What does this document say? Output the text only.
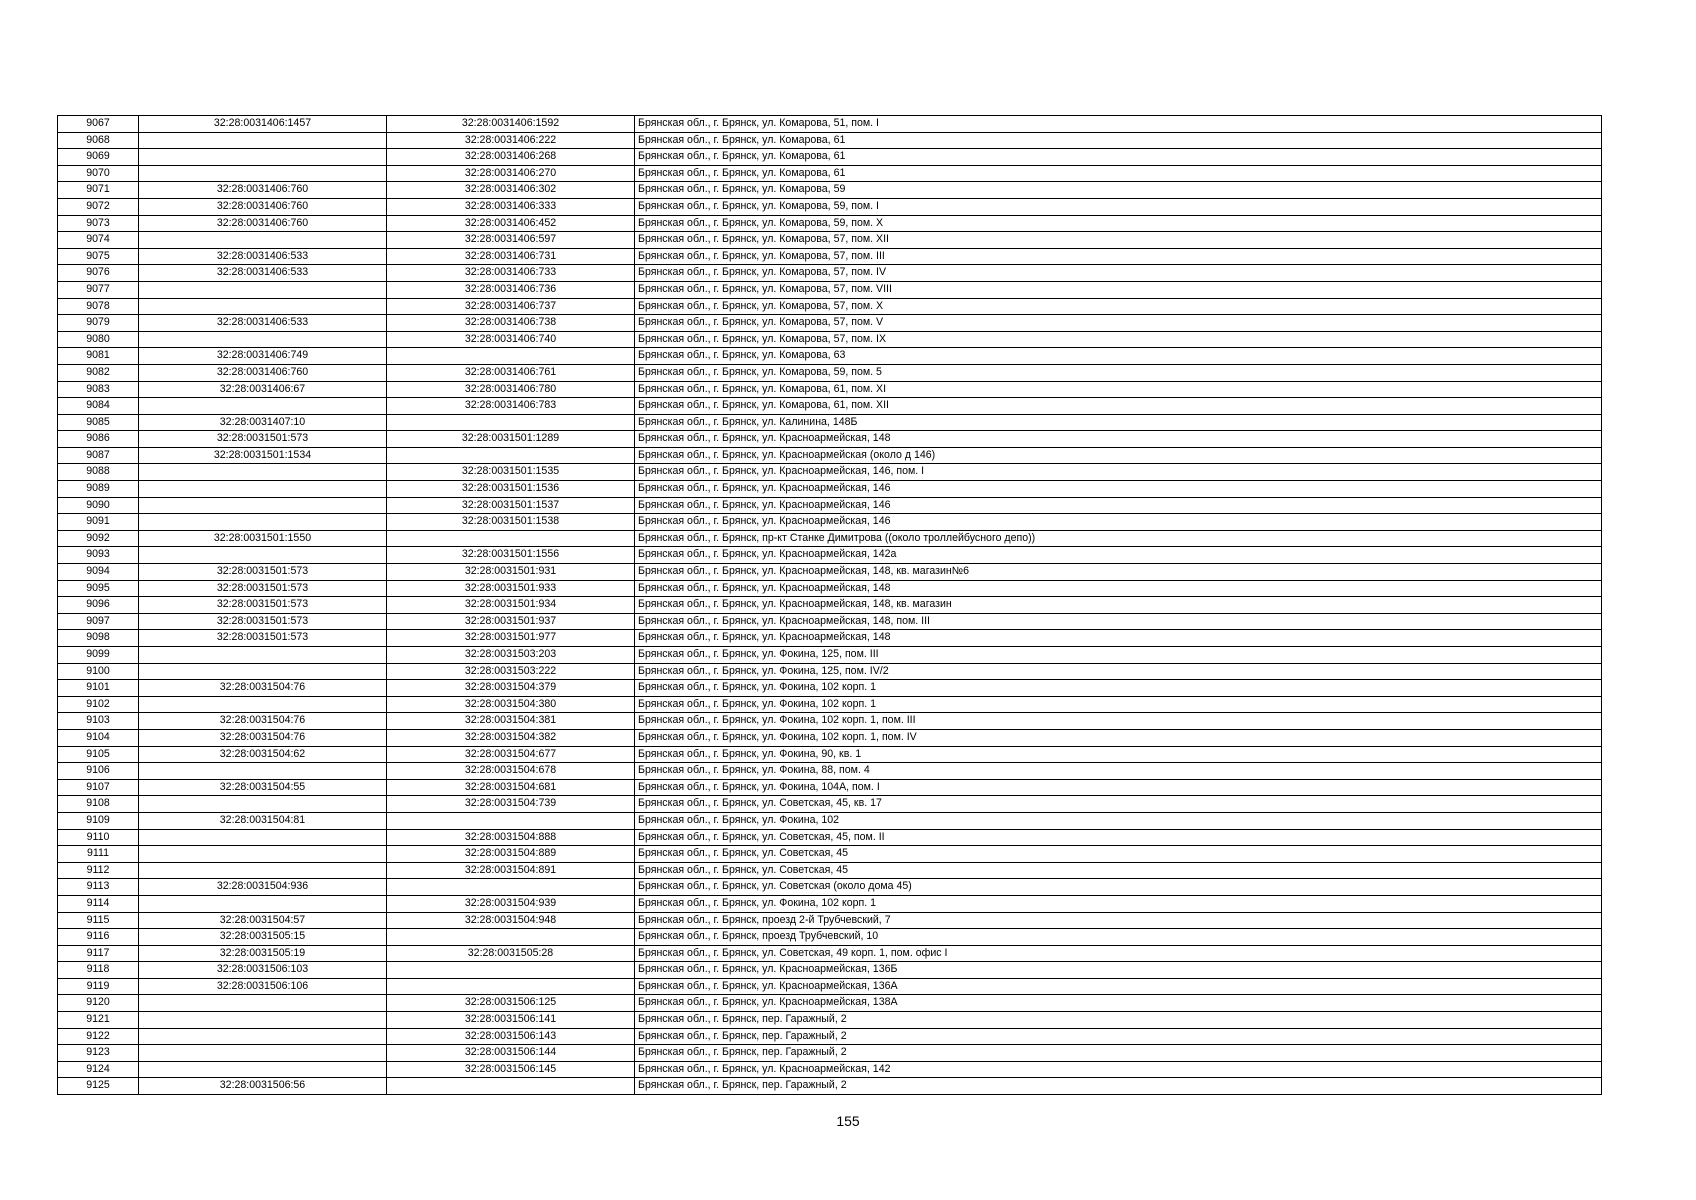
9067	32:28:0031406:1457	32:28:0031406:1592	Брянская обл., г. Брянск, ул. Комарова, 51, пом. I
9068		32:28:0031406:222	Брянская обл., г. Брянск, ул. Комарова, 61
9069		32:28:0031406:268	Брянская обл., г. Брянск, ул. Комарова, 61
9070		32:28:0031406:270	Брянская обл., г. Брянск, ул. Комарова, 61
9071	32:28:0031406:760	32:28:0031406:302	Брянская обл., г. Брянск, ул. Комарова, 59
9072	32:28:0031406:760	32:28:0031406:333	Брянская обл., г. Брянск, ул. Комарова, 59, пом. I
9073	32:28:0031406:760	32:28:0031406:452	Брянская обл., г. Брянск, ул. Комарова, 59, пом. X
9074		32:28:0031406:597	Брянская обл., г. Брянск, ул. Комарова, 57, пом. XII
9075	32:28:0031406:533	32:28:0031406:731	Брянская обл., г. Брянск, ул. Комарова, 57, пом. III
9076	32:28:0031406:533	32:28:0031406:733	Брянская обл., г. Брянск, ул. Комарова, 57, пом. IV
9077		32:28:0031406:736	Брянская обл., г. Брянск, ул. Комарова, 57, пом. VIII
9078		32:28:0031406:737	Брянская обл., г. Брянск, ул. Комарова, 57, пом. X
9079	32:28:0031406:533	32:28:0031406:738	Брянская обл., г. Брянск, ул. Комарова, 57, пом. V
9080		32:28:0031406:740	Брянская обл., г. Брянск, ул. Комарова, 57, пом. IX
9081	32:28:0031406:749		Брянская обл., г. Брянск, ул. Комарова, 63
9082	32:28:0031406:760	32:28:0031406:761	Брянская обл., г. Брянск, ул. Комарова, 59, пом. 5
9083	32:28:0031406:67	32:28:0031406:780	Брянская обл., г. Брянск, ул. Комарова, 61, пом. XI
9084		32:28:0031406:783	Брянская обл., г. Брянск, ул. Комарова, 61, пом. XII
9085	32:28:0031407:10		Брянская обл., г. Брянск, ул. Калинина, 148Б
9086	32:28:0031501:573	32:28:0031501:1289	Брянская обл., г. Брянск, ул. Красноармейская, 148
9087	32:28:0031501:1534		Брянская обл., г. Брянск, ул. Красноармейская (около д 146)
9088		32:28:0031501:1535	Брянская обл., г. Брянск, ул. Красноармейская, 146, пом. I
9089		32:28:0031501:1536	Брянская обл., г. Брянск, ул. Красноармейская, 146
9090		32:28:0031501:1537	Брянская обл., г. Брянск, ул. Красноармейская, 146
9091		32:28:0031501:1538	Брянская обл., г. Брянск, ул. Красноармейская, 146
9092	32:28:0031501:1550		Брянская обл., г. Брянск, пр-кт Станке Димитрова ((около троллейбусного депо))
9093		32:28:0031501:1556	Брянская обл., г. Брянск, ул. Красноармейская, 142а
9094	32:28:0031501:573	32:28:0031501:931	Брянская обл., г. Брянск, ул. Красноармейская, 148, кв. магазин№6
9095	32:28:0031501:573	32:28:0031501:933	Брянская обл., г. Брянск, ул. Красноармейская, 148
9096	32:28:0031501:573	32:28:0031501:934	Брянская обл., г. Брянск, ул. Красноармейская, 148, кв. магазин
9097	32:28:0031501:573	32:28:0031501:937	Брянская обл., г. Брянск, ул. Красноармейская, 148, пом. III
9098	32:28:0031501:573	32:28:0031501:977	Брянская обл., г. Брянск, ул. Красноармейская, 148
9099		32:28:0031503:203	Брянская обл., г. Брянск, ул. Фокина, 125, пом. III
9100		32:28:0031503:222	Брянская обл., г. Брянск, ул. Фокина, 125, пом. IV/2
9101	32:28:0031504:76	32:28:0031504:379	Брянская обл., г. Брянск, ул. Фокина, 102 корп. 1
9102		32:28:0031504:380	Брянская обл., г. Брянск, ул. Фокина, 102 корп. 1
9103	32:28:0031504:76	32:28:0031504:381	Брянская обл., г. Брянск, ул. Фокина, 102 корп. 1, пом. III
9104	32:28:0031504:76	32:28:0031504:382	Брянская обл., г. Брянск, ул. Фокина, 102 корп. 1, пом. IV
9105	32:28:0031504:62	32:28:0031504:677	Брянская обл., г. Брянск, ул. Фокина, 90, кв. 1
9106		32:28:0031504:678	Брянская обл., г. Брянск, ул. Фокина, 88, пом. 4
9107	32:28:0031504:55	32:28:0031504:681	Брянская обл., г. Брянск, ул. Фокина, 104А, пом. I
9108		32:28:0031504:739	Брянская обл., г. Брянск, ул. Советская, 45, кв. 17
9109	32:28:0031504:81		Брянская обл., г. Брянск, ул. Фокина, 102
9110		32:28:0031504:888	Брянская обл., г. Брянск, ул. Советская, 45, пом. II
9111		32:28:0031504:889	Брянская обл., г. Брянск, ул. Советская, 45
9112		32:28:0031504:891	Брянская обл., г. Брянск, ул. Советская, 45
9113	32:28:0031504:936		Брянская обл., г. Брянск, ул. Советская (около дома 45)
9114		32:28:0031504:939	Брянская обл., г. Брянск, ул. Фокина, 102 корп. 1
9115	32:28:0031504:57	32:28:0031504:948	Брянская обл., г. Брянск, проезд 2-й Трубчевский, 7
9116	32:28:0031505:15		Брянская обл., г. Брянск, проезд Трубчевский, 10
9117	32:28:0031505:19	32:28:0031505:28	Брянская обл., г. Брянск, ул. Советская, 49 корп. 1, пом. офис I
9118	32:28:0031506:103		Брянская обл., г. Брянск, ул. Красноармейская, 136Б
9119	32:28:0031506:106		Брянская обл., г. Брянск, ул. Красноармейская, 136А
9120		32:28:0031506:125	Брянская обл., г. Брянск, ул. Красноармейская, 138А
9121		32:28:0031506:141	Брянская обл., г. Брянск, пер. Гаражный, 2
9122		32:28:0031506:143	Брянская обл., г. Брянск, пер. Гаражный, 2
9123		32:28:0031506:144	Брянская обл., г. Брянск, пер. Гаражный, 2
9124		32:28:0031506:145	Брянская обл., г. Брянск, ул. Красноармейская, 142
9125	32:28:0031506:56		Брянская обл., г. Брянск, пер. Гаражный, 2
155
